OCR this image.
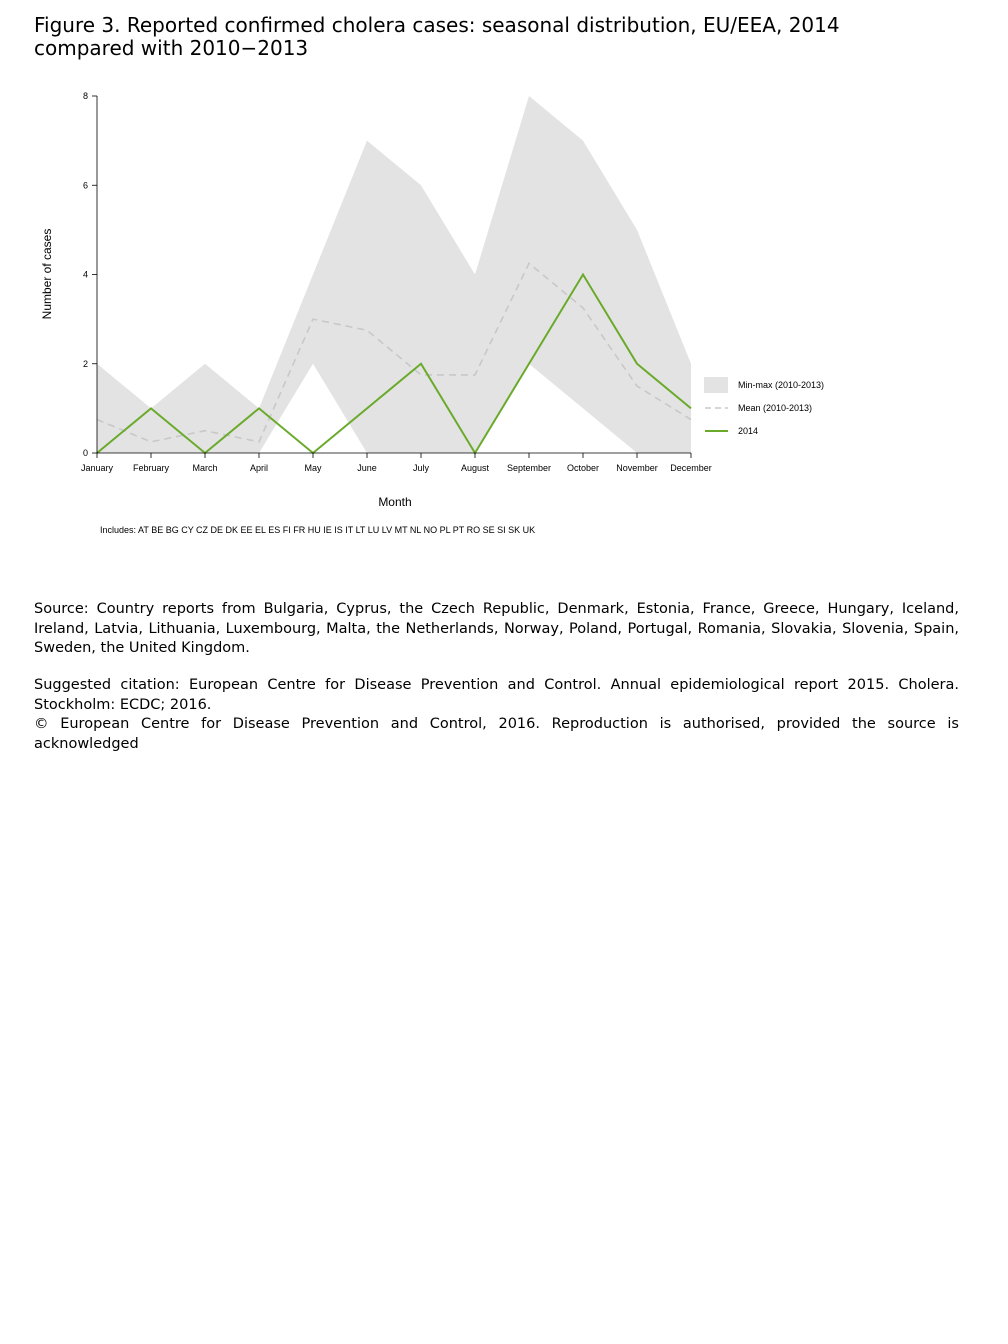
Figure 3. Reported confirmed cholera cases: seasonal distribution, EU/EEA, 2014 compared with 2010−2013
January February	March	April	May	June	July	August September October November December
0
2
4
6
8
Number of cases
Month
Min-max (2010-2013)
Mean (2010-2013)
2014
Includes: AT BE BG CY CZ DE DK EE EL ES FI FR HU IE IS IT LT LU LV MT NL NO PL PT RO SE SI SK UK
Source: Country reports from Bulgaria, Cyprus, the Czech Republic, Denmark, Estonia, France, Greece, Hungary, Iceland, Ireland, Latvia, Lithuania, Luxembourg, Malta, the Netherlands, Norway, Poland, Portugal, Romania, Slovakia, Slovenia, Spain, Sweden, the United Kingdom.
Suggested citation: European Centre for Disease Prevention and Control. Annual epidemiological report 2015. Cholera. Stockholm: ECDC; 2016.
© European Centre for Disease Prevention and Control, 2016. Reproduction is authorised, provided the source is acknowledged
